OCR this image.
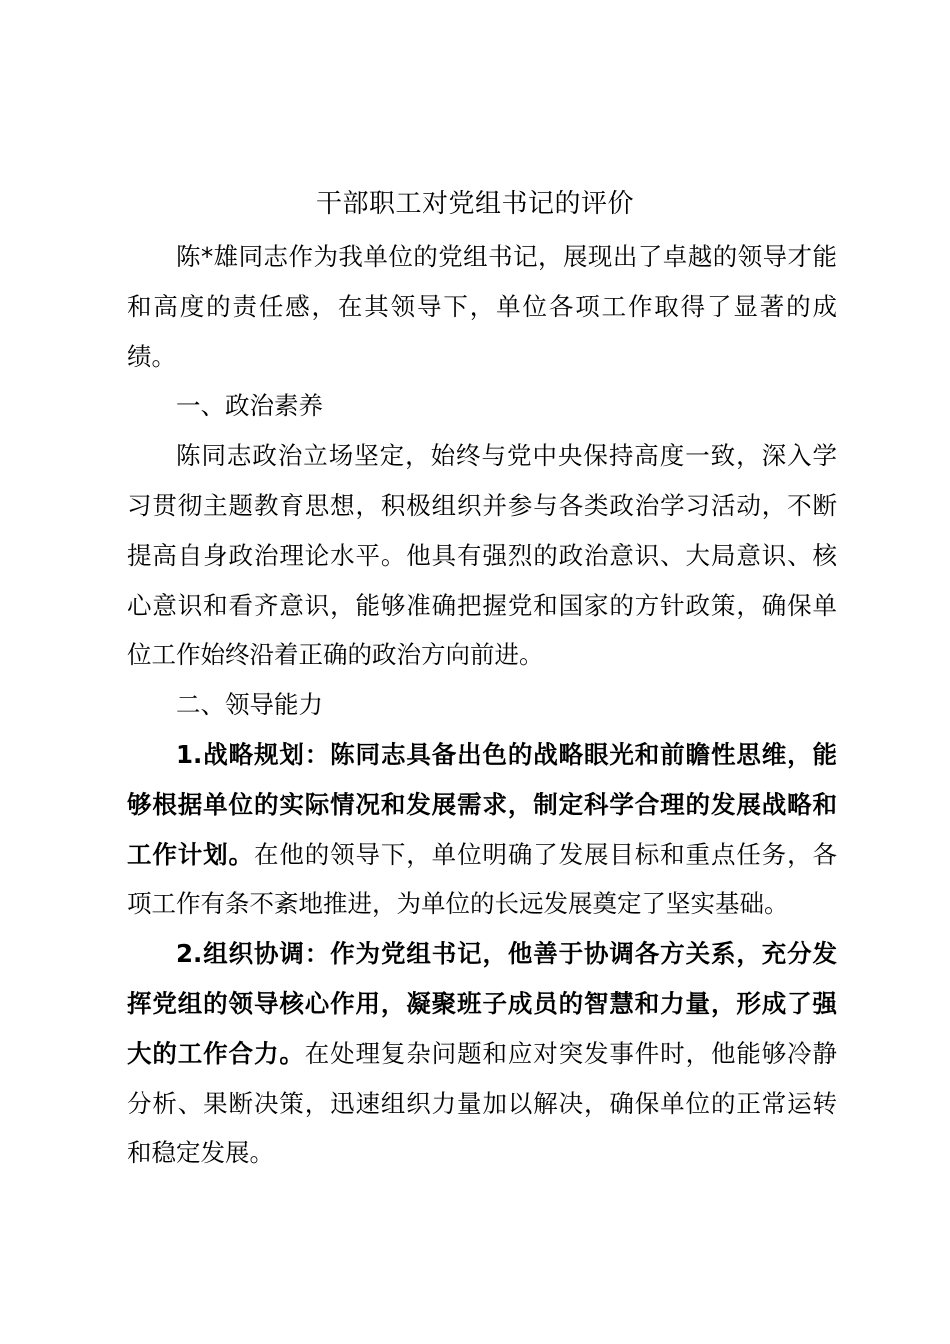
干部职工对党组书记的评价

陈*雄同志作为我单位的党组书记，展现出了卓越的领导才能和高度的责任感，在其领导下，单位各项工作取得了显著的成绩。

一、政治素养

陈同志政治立场坚定，始终与党中央保持高度一致，深入学习贯彻主题教育思想，积极组织并参与各类政治学习活动，不断提高自身政治理论水平。他具有强烈的政治意识、大局意识、核心意识和看齐意识，能够准确把握党和国家的方针政策，确保单位工作始终沿着正确的政治方向前进。

二、领导能力

1.战略规划：陈同志具备出色的战略眼光和前瞻性思维，能够根据单位的实际情况和发展需求，制定科学合理的发展战略和工作计划。在他的领导下，单位明确了发展目标和重点任务，各项工作有条不紊地推进，为单位的长远发展奠定了坚实基础。

2.组织协调：作为党组书记，他善于协调各方关系，充分发挥党组的领导核心作用，凝聚班子成员的智慧和力量，形成了强大的工作合力。在处理复杂问题和应对突发事件时，他能够冷静分析、果断决策，迅速组织力量加以解决，确保单位的正常运转和稳定发展。
